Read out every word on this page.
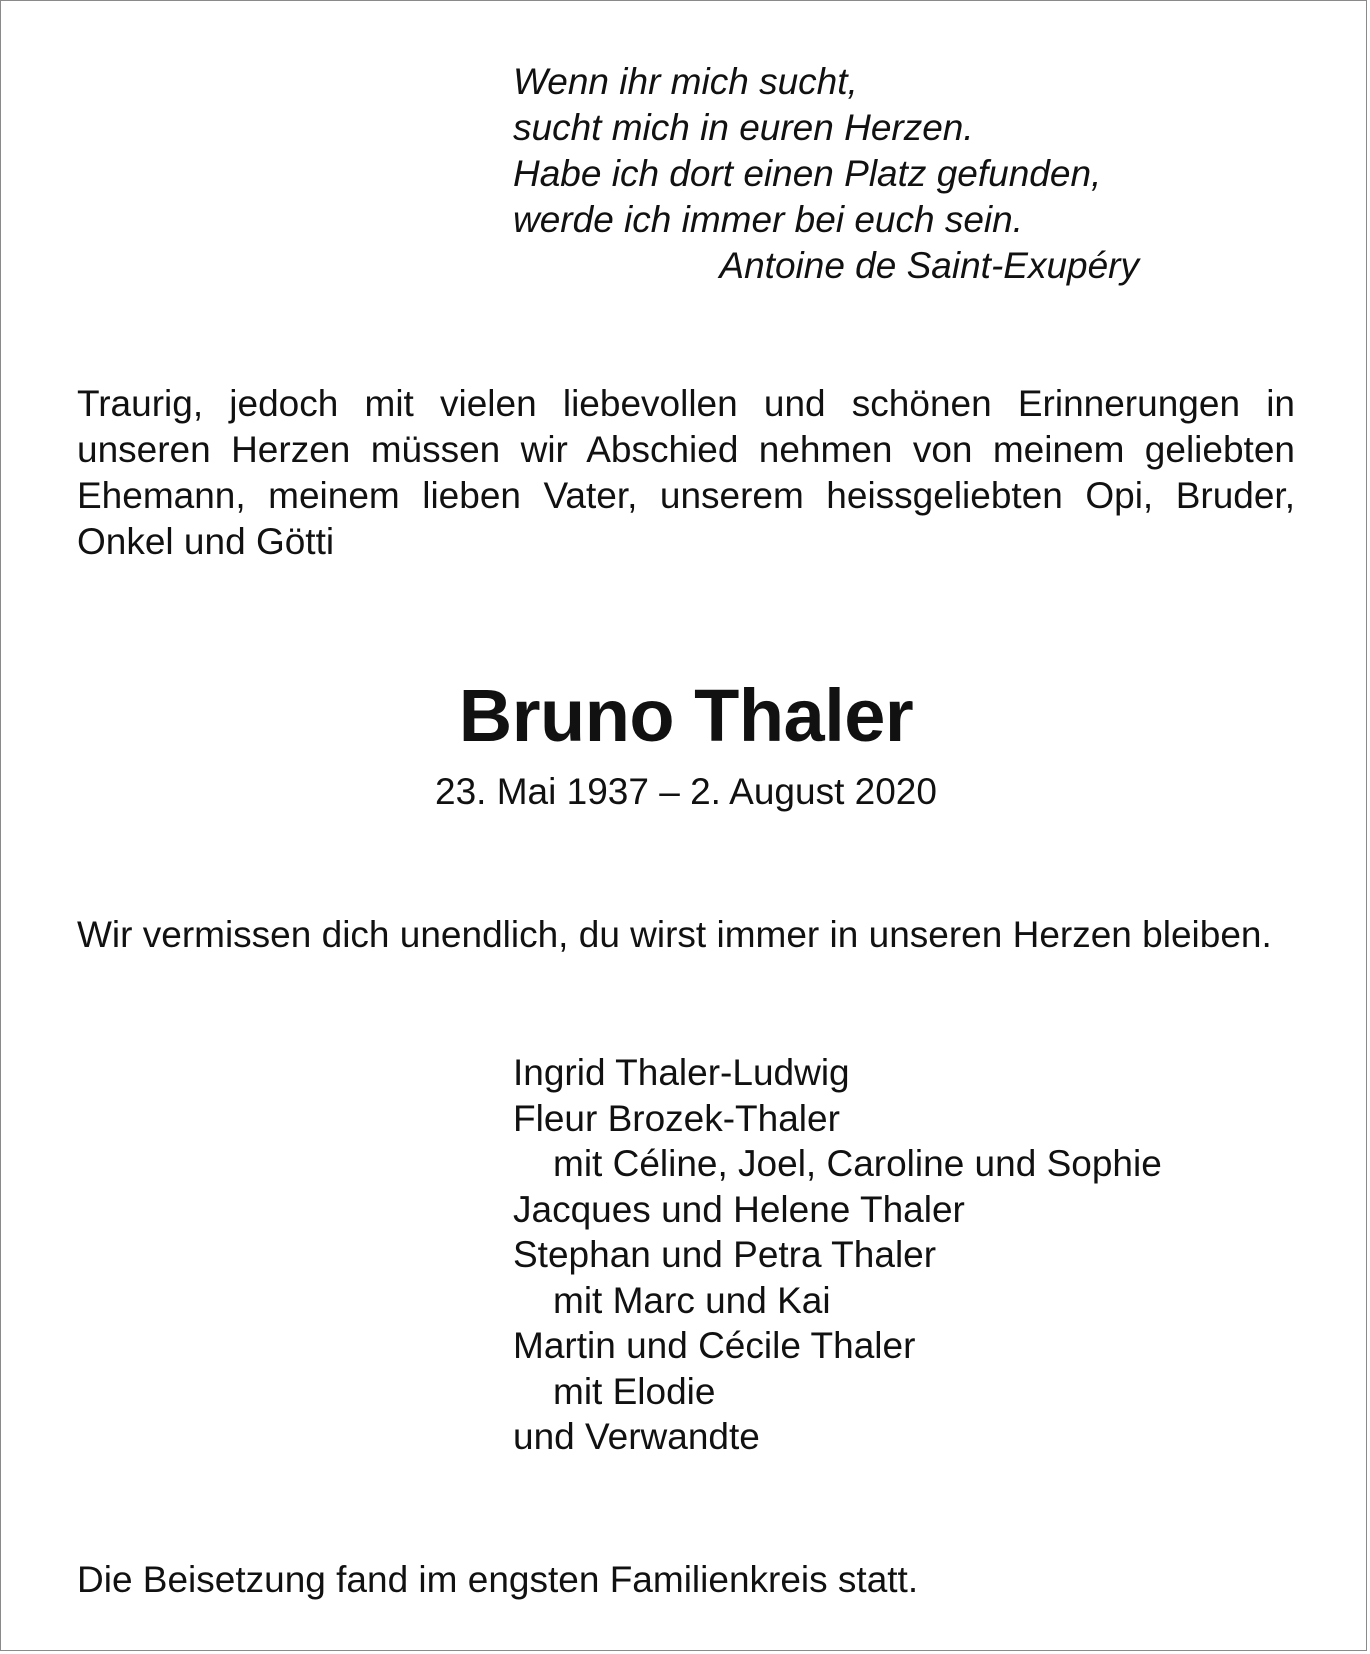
Wenn ihr mich sucht,
sucht mich in euren Herzen.
Habe ich dort einen Platz gefunden,
werde ich immer bei euch sein.
Antoine de Saint-Exupéry
Traurig, jedoch mit vielen liebevollen und schönen Erinnerungen in unseren Herzen müssen wir Abschied nehmen von meinem geliebten Ehemann, meinem lieben Vater, unserem heissgeliebten Opi, Bruder, Onkel und Götti
Bruno Thaler
23. Mai 1937 – 2. August 2020
Wir vermissen dich unendlich, du wirst immer in unseren Herzen bleiben.
Ingrid Thaler-Ludwig
Fleur Brozek-Thaler
mit Céline, Joel, Caroline und Sophie
Jacques und Helene Thaler
Stephan und Petra Thaler
mit Marc und Kai
Martin und Cécile Thaler
mit Elodie
und Verwandte
Die Beisetzung fand im engsten Familienkreis statt.
